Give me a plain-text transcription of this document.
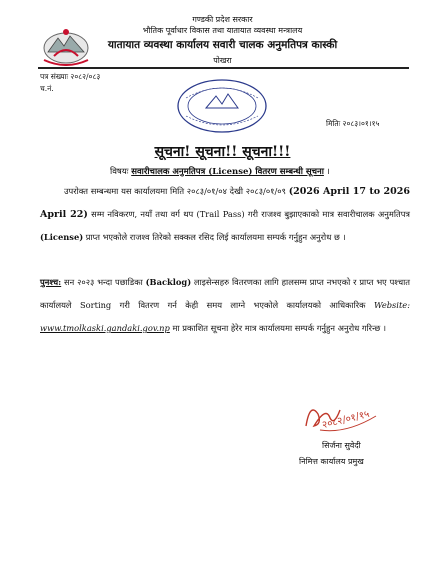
गण्डकी प्रदेश सरकार
भौतिक पूर्वाधार विकास तथा यातायात व्यवस्था मन्त्रालय
यातायात व्यवस्था कार्यालय सवारी चालक अनुमतिपत्र कास्की
पोखरा
पत्र संख्याः २०८२/०८३
च.नं.
मितिः २०८३।०१।१५
सूचना! सूचना!! सूचना!!!
विषयः सवारीचालक अनुमतिपत्र (License) वितरण सम्बन्धी सूचना ।
उपरोक्त सम्बन्धमा यस कार्यालयमा मिति २०८३/०१/०४ देखी २०८३/०१/०९ (2026 April 17 to 2026 April 22) सम्म नविकरण, नयाँ तथा वर्ग थप (Trail Pass) गरी राजश्व बुझाएकाको मात्र सवारीचालक अनुमतिपत्र (License) प्राप्त भएकोले राजश्व तिरेको सक्कल रसिद लिई कार्यालयमा सम्पर्क गर्नुहुन अनुरोध छ ।
पुनश्च: सन २०२३ भन्दा पछाडिका (Backlog) लाइसेन्सहरु वितरणका लागि हालसम्म प्राप्त नभएको र प्राप्त भए पश्चात कार्यालयले Sorting गरी वितरण गर्न केही समय लाग्ने भएकोले कार्यालयको आधिकारिक Website: www.tmolkaski.gandaki.gov.np मा प्रकाशित सूचना हेरेर मात्र कार्यालयमा सम्पर्क गर्नुहुन अनुरोध गरिन्छ ।
२०८२/०१/१५
सिर्जना सुवेदी
निमित्त कार्यालय प्रमुख
